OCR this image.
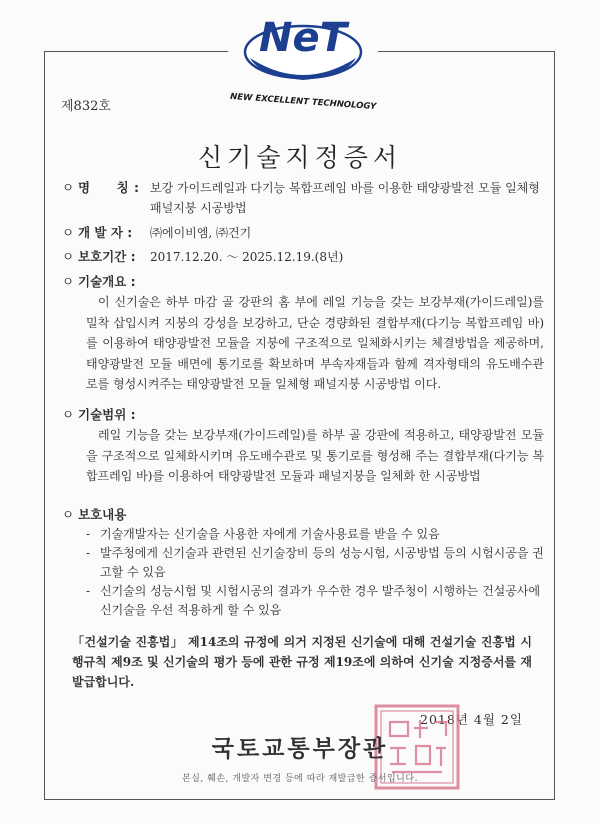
NeT
신기술인증
NEW EXCELLENT TECHNOLOGY
제832호
신기술지정증서
ㅇ 명　　칭 : 보강 가이드레일과 다기능 복합프레임 바를 이용한 태양광발전 모듈 일체형 패널지붕 시공방법
ㅇ 개 발 자 : ㈜에이비엠, ㈜건기
ㅇ 보호기간 : 2017.12.20. ～ 2025.12.19.(8년)
ㅇ 기술개요 :
이 신기술은 하부 마감 골 강판의 홈 부에 레일 기능을 갖는 보강부재(가이드레일)를 밀착 삽입시켜 지붕의 강성을 보강하고, 단순 경량화된 결합부재(다기능 복합프레임 바)를 이용하여 태양광발전 모듈을 지붕에 구조적으로 일체화시키는 체결방법을 제공하며, 태양광발전 모듈 배면에 통기로를 확보하며 부속자재들과 함께 격자형태의 유도배수관로를 형성시켜주는 태양광발전 모듈 일체형 패널지붕 시공방법 이다.
ㅇ 기술범위 :
레일 기능을 갖는 보강부재(가이드레일)를 하부 골 강판에 적용하고, 태양광발전 모듈을 구조적으로 일체화시키며 유도배수관로 및 통기로를 형성해 주는 결합부재(다기능 복합프레임 바)를 이용하여 태양광발전 모듈과 패널지붕을 일체화 한 시공방법
ㅇ 보호내용
- 기술개발자는 신기술을 사용한 자에게 기술사용료를 받을 수 있음
- 발주청에게 신기술과 관련된 신기술장비 등의 성능시험, 시공방법 등의 시험시공을 권고할 수 있음
- 신기술의 성능시험 및 시험시공의 결과가 우수한 경우 발주청이 시행하는 건설공사에 신기술을 우선 적용하게 할 수 있음
「건설기술 진흥법」 제14조의 규정에 의거 지정된 신기술에 대해 건설기술 진흥법 시행규칙 제9조 및 신기술의 평가 등에 관한 규정 제19조에 의하여 신기술 지정증서를 재발급합니다.
2018년 4월 2일
국토교통부장관
본실, 훼손, 개발자 변경 등에 따라 재발급한 증서입니다.
